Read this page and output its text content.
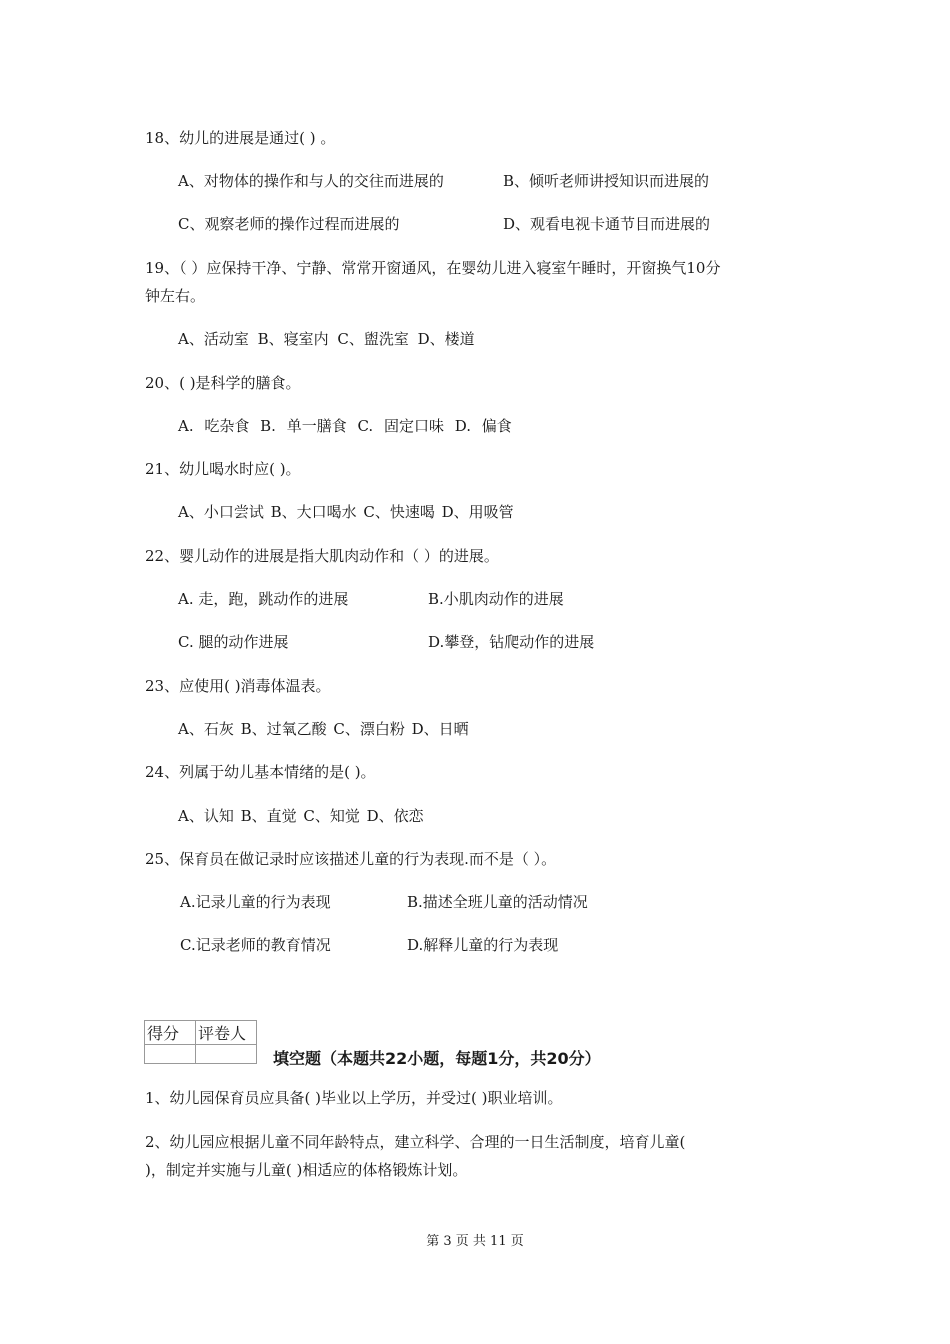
18、幼儿的进展是通过( ) 。
A、对物体的操作和与人的交往而进展的	B、倾听老师讲授知识而进展的
C、观察老师的操作过程而进展的	D、观看电视卡通节目而进展的
19、（ ）应保持干净、宁静、常常开窗通风，在婴幼儿进入寝室午睡时，开窗换气10分
钟左右。
A、活动室 B、寝室内 C、盥洗室 D、楼道
20、( )是科学的膳食。
A. 吃杂食 B. 单一膳食 C. 固定口味 D. 偏食
21、幼儿喝水时应( )。
A、小口尝试 B、大口喝水 C、快速喝 D、用吸管
22、婴儿动作的进展是指大肌肉动作和（ ）的进展。
A. 走，跑，跳动作的进展	B.小肌肉动作的进展
C. 腿的动作进展	D.攀登，钻爬动作的进展
23、应使用( )消毒体温表。
A、石灰 B、过氧乙酸 C、漂白粉 D、日晒
24、列属于幼儿基本情绪的是( )。
A、认知 B、直觉 C、知觉 D、依恋
25、保育员在做记录时应该描述儿童的行为表现.而不是（ ）。
A.记录儿童的行为表现	B.描述全班儿童的活动情况
C.记录老师的教育情况	D.解释儿童的行为表现
得分	评卷人

填空题（本题共22小题，每题1分，共20分）
1、幼儿园保育员应具备( )毕业以上学历，并受过( )职业培训。
2、幼儿园应根据儿童不同年龄特点，建立科学、合理的一日生活制度，培育儿童(
)，制定并实施与儿童( )相适应的体格锻炼计划。
第 3 页 共 11 页
